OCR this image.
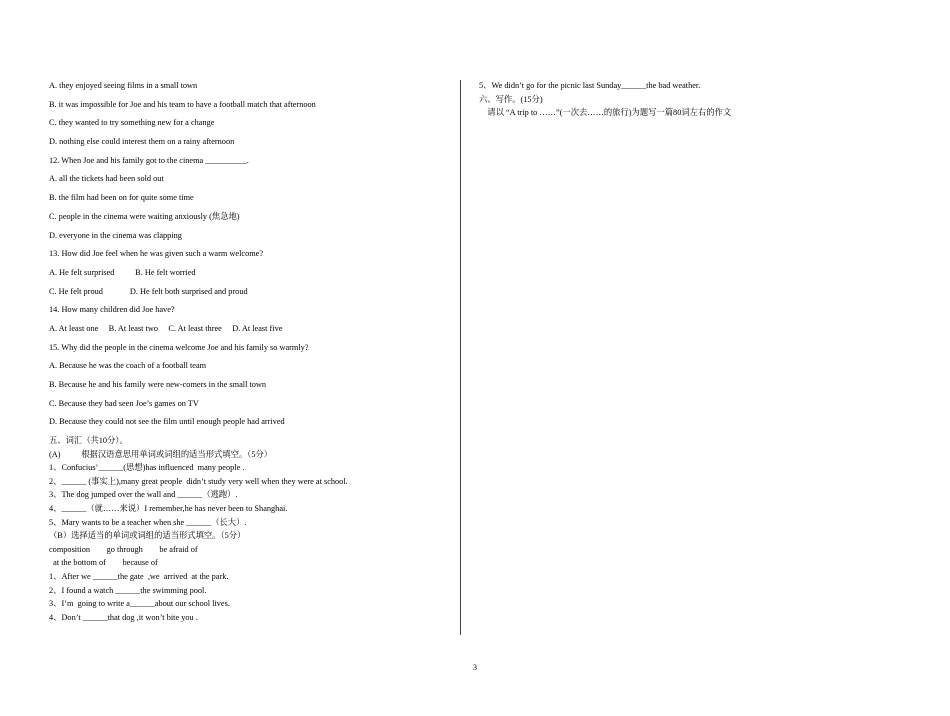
A. they enjoyed seeing films in a small town
B. it was impossible for Joe and his team to have a football match that afternoon
C. they wanted to try something new for a change
D. nothing else could interest them on a rainy afternoon
12. When Joe and his family got to the cinema __________.
A. all the tickets had been sold out
B. the film had been on for quite some time
C. people in the cinema were waiting anxiously (焦急地)
D. everyone in the cinema was clapping
13. How did Joe feel when he was given such a warm welcome?
A. He felt surprised          B. He felt worried
C. He felt proud             D. He felt both surprised and proud
14. How many children did Joe have?
A. At least one     B. At least two     C. At least three     D. At least five
15. Why did the people in the cinema welcome Joe and his family so warmly?
A. Because he was the coach of a football team
B. Because he and his family were new-comers in the small town
C. Because they had seen Joe’s games on TV
D. Because they could not see the film until enough people had arrived
五、词汇（共10分）。
(A)          根据汉语意思用单词或词组的适当形式填空。（5分）
1、Confucius’______(思想)has influenced  many people .
2、______ (事实上),many great people  didn’t study very well when they were at school.
3、The dog jumped over the wall and ______（逃跑）.
4、______（就……来说）I remember,he has never been to Shanghai.
5、Mary wants to be a teacher when she ______（长大）.
（B）选择适当的单词或词组的适当形式填空。（5分）
composition        go through        be afraid of
at the bottom of        because of
1、After we ______the gate  ,we  arrived  at the park.
2、I found a watch ______the swimming pool.
3、I’m  going to write a______about our school lives.
4、Don’t ______that dog ,it won’t bite you .
5、We didn’t go for the picnic last Sunday______the bad weather.
六、写作。(15分)
请以 “A trip to ……”(一次去……的旅行)为题写一篇80词左右的作文
3
